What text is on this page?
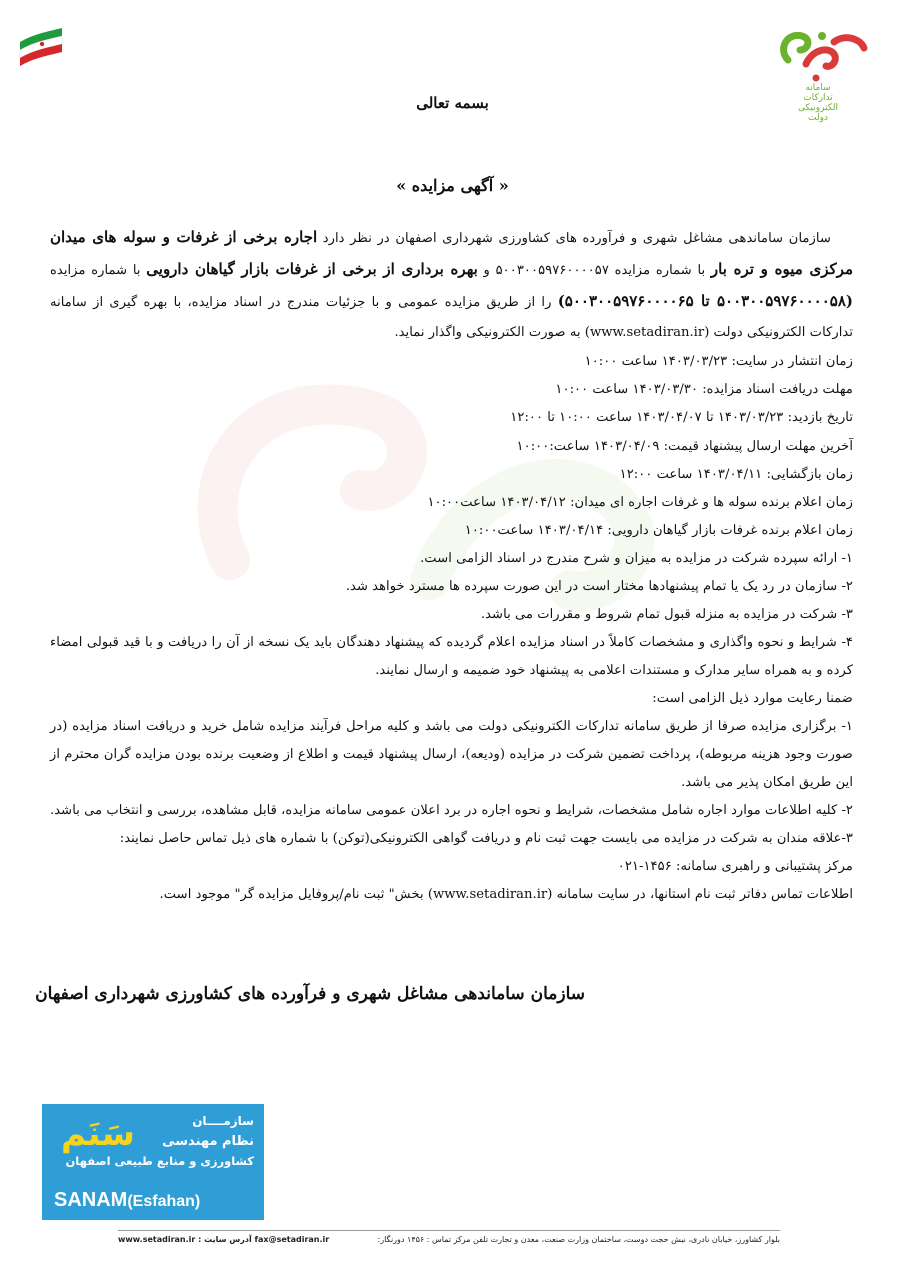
سامانه
تدارکات
الکترونیکی
دولت
بسمه تعالی
« آگهی مزایده »

سازمان ساماندهی مشاغل شهری و فرآورده های کشاورزی شهرداری اصفهان در نظر دارد اجاره برخی از غرفات و سوله های میدان مرکزی میوه و تره بار با شماره مزایده ۵۰۰۳۰۰۵۹۷۶۰۰۰۰۵۷ و بهره برداری از برخی از غرفات بازار گیاهان دارویی با شماره مزایده (۵۰۰۳۰۰۵۹۷۶۰۰۰۰۵۸ تا ۵۰۰۳۰۰۵۹۷۶۰۰۰۰۶۵) را از طریق مزایده عمومی و با جزئیات مندرج در اسناد مزایده، با بهره گیری از سامانه تدارکات الکترونیکی دولت (www.setadiran.ir) به صورت الکترونیکی واگذار نماید.

زمان انتشار در سایت: ۱۴۰۳/۰۳/۲۳ ساعت ۱۰:۰۰

مهلت دریافت اسناد مزایده: ۱۴۰۳/۰۳/۳۰ ساعت ۱۰:۰۰

تاریخ بازدید: ۱۴۰۳/۰۳/۲۳ تا ۱۴۰۳/۰۴/۰۷ ساعت ۱۰:۰۰ تا ۱۲:۰۰

آخرین مهلت ارسال پیشنهاد قیمت: ۱۴۰۳/۰۴/۰۹ ساعت:۱۰:۰۰

زمان بازگشایی: ۱۴۰۳/۰۴/۱۱ ساعت ۱۲:۰۰

زمان اعلام برنده سوله ها و غرفات اجاره ای میدان: ۱۴۰۳/۰۴/۱۲ ساعت۱۰:۰۰

زمان اعلام برنده غرفات بازار گیاهان دارویی: ۱۴۰۳/۰۴/۱۴ ساعت۱۰:۰۰

۱- ارائه سپرده شرکت در مزایده به میزان و شرح مندرج در اسناد الزامی است.

۲- سازمان در رد یک یا تمام پیشنهادها مختار است در این صورت سپرده ها مسترد خواهد شد.

۳- شرکت در مزایده به منزله قبول تمام شروط و مقررات می باشد.

۴- شرایط و نحوه واگذاری و مشخصات کاملاً در اسناد مزایده اعلام گردیده که پیشنهاد دهندگان باید یک نسخه از آن را دریافت و با قید قبولی امضاء کرده و به همراه سایر مدارک و مستندات اعلامی به پیشنهاد خود ضمیمه و ارسال نمایند.

ضمنا رعایت موارد ذیل الزامی است:

۱- برگزاری مزایده صرفا از طریق سامانه تدارکات الکترونیکی دولت می باشد و کلیه مراحل فرآیند مزایده شامل خرید و دریافت اسناد مزایده (در صورت وجود هزینه مربوطه)، پرداخت تضمین شرکت در مزایده (ودیعه)، ارسال پیشنهاد قیمت و اطلاع از وضعیت برنده بودن مزایده گران محترم از این طریق امکان پذیر می باشد.

۲- کلیه اطلاعات موارد اجاره شامل مشخصات، شرایط و نحوه اجاره در برد اعلان عمومی سامانه مزایده، قابل مشاهده، بررسی و انتخاب می باشد.

۳-علاقه مندان به شرکت در مزایده می بایست جهت ثبت نام و دریافت گواهی الکترونیکی(توکن) با شماره های ذیل تماس حاصل نمایند:

مرکز پشتیبانی و راهبری سامانه: ۱۴۵۶-۰۲۱

اطلاعات تماس دفاتر ثبت نام استانها، در سایت سامانه (www.setadiran.ir) بخش" ثبت نام/پروفایل مزایده گر" موجود است.

سازمان ساماندهی مشاغل شهری و فرآورده های کشاورزی شهرداری اصفهان
سَنَم	سازمــــان
نظام مهندسی
کشاورزی و منابع طبیعی اصفهان
SANAM(Esfahan)
بلوار کشاورز، خیابان نادری، نبش حجت دوست، ساختمان وزارت صنعت، معدن و تجارت تلفن مرکز تماس : ۱۴۵۶ دورنگار:
fax@setadiran.ir آدرس سایت : www.setadiran.ir
